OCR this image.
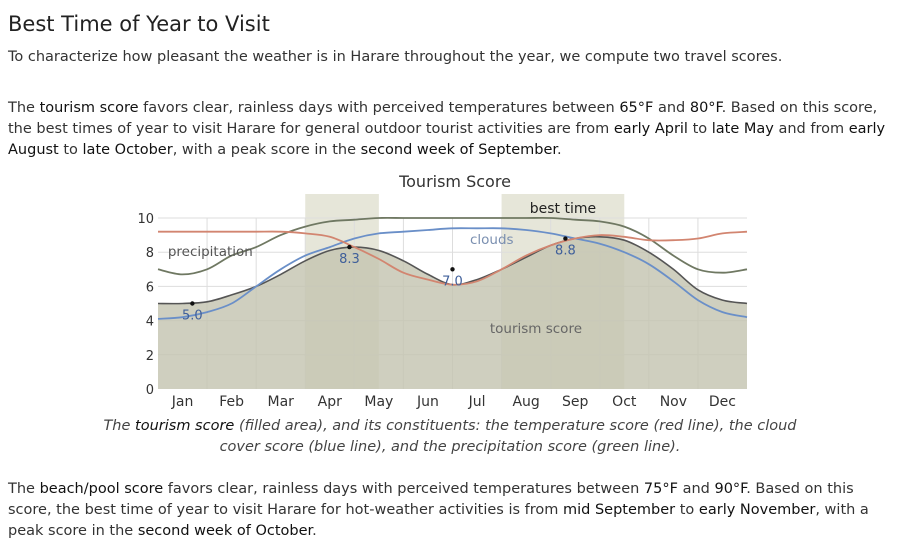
Best Time of Year to Visit

To characterize how pleasant the weather is in Harare throughout the year, we compute two travel scores.

The tourism score favors clear, rainless days with perceived temperatures between 65°F and 80°F. Based on this score, the best times of year to visit Harare for general outdoor tourist activities are from early April to late May and from early August to late October, with a peak score in the second week of September.

Tourism Score
best time
0
2
4
6
8
10
Jan Feb Mar Apr May Jun Jul Aug Sep Oct Nov Dec
precipitation
clouds
tourism score
5.0
8.3
7.0
8.8

The tourism score (filled area), and its constituents: the temperature score (red line), the cloud cover score (blue line), and the precipitation score (green line).

The beach/pool score favors clear, rainless days with perceived temperatures between 75°F and 90°F. Based on this score, the best time of year to visit Harare for hot-weather activities is from mid September to early November, with a peak score in the second week of October.
